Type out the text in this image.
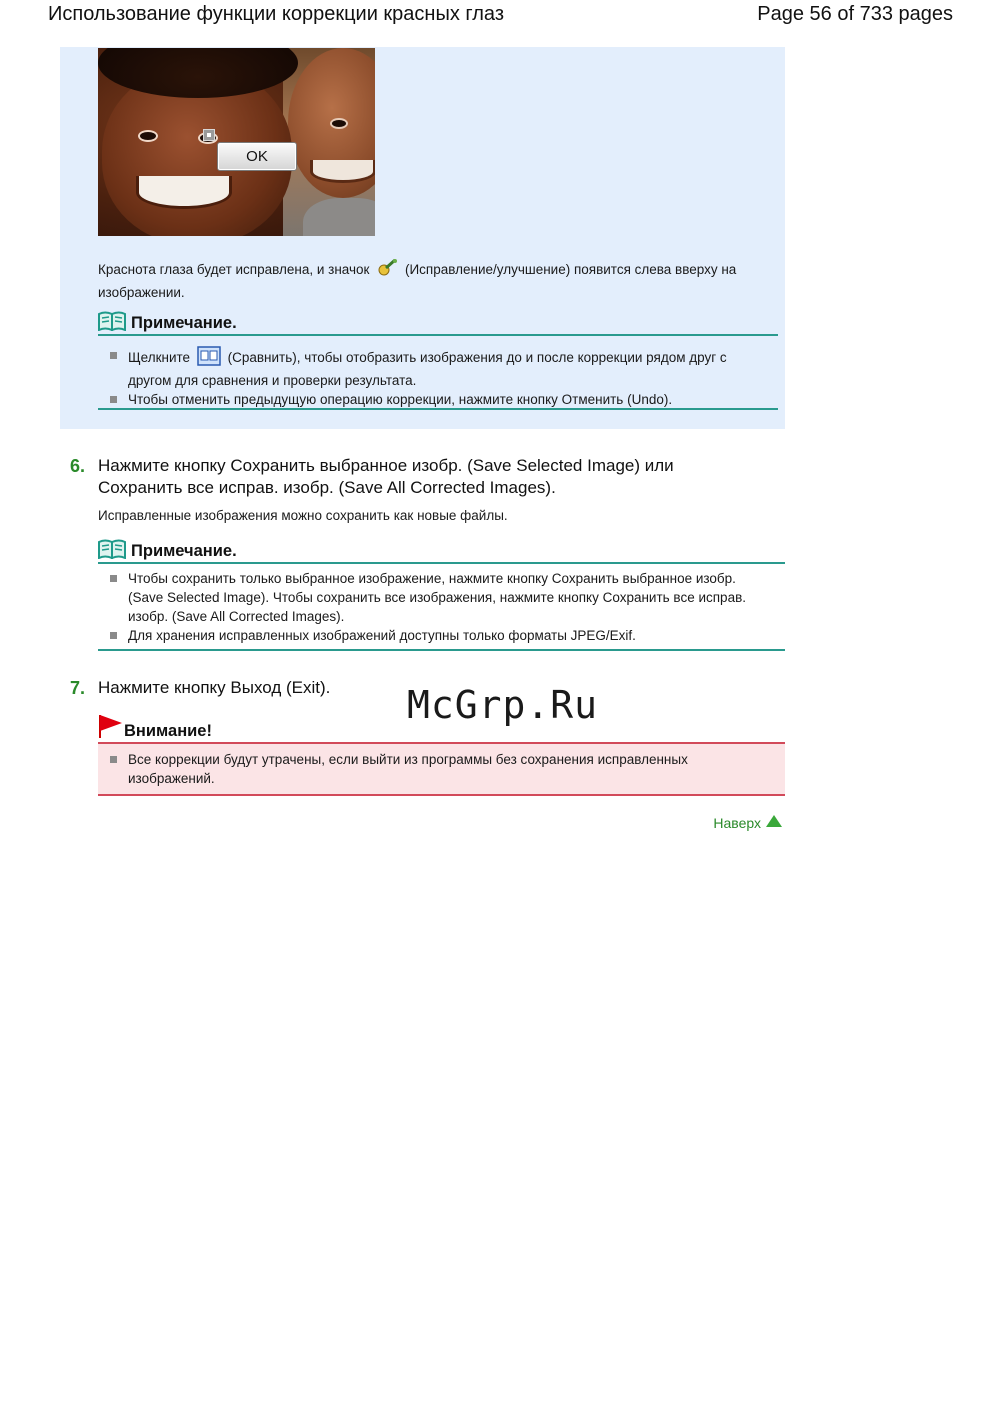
Использование функции коррекции красных глаз	Page 56 of 733 pages
OK
Краснота глаза будет исправлена, и значок	(Исправление/улучшение) появится слева вверху на изображении.
Примечание.
Щелкните	(Сравнить), чтобы отобразить изображения до и после коррекции рядом друг с другом для сравнения и проверки результата.
Чтобы отменить предыдущую операцию коррекции, нажмите кнопку Отменить (Undo).
6. Нажмите кнопку Сохранить выбранное изобр. (Save Selected Image) или Сохранить все исправ. изобр. (Save All Corrected Images).
Исправленные изображения можно сохранить как новые файлы.
Примечание.
Чтобы сохранить только выбранное изображение, нажмите кнопку Сохранить выбранное изобр. (Save Selected Image). Чтобы сохранить все изображения, нажмите кнопку Сохранить все исправ. изобр. (Save All Corrected Images).
Для хранения исправленных изображений доступны только форматы JPEG/Exif.
7. Нажмите кнопку Выход (Exit). McGrp.Ru
Внимание!
Все коррекции будут утрачены, если выйти из программы без сохранения исправленных изображений.
Наверх
